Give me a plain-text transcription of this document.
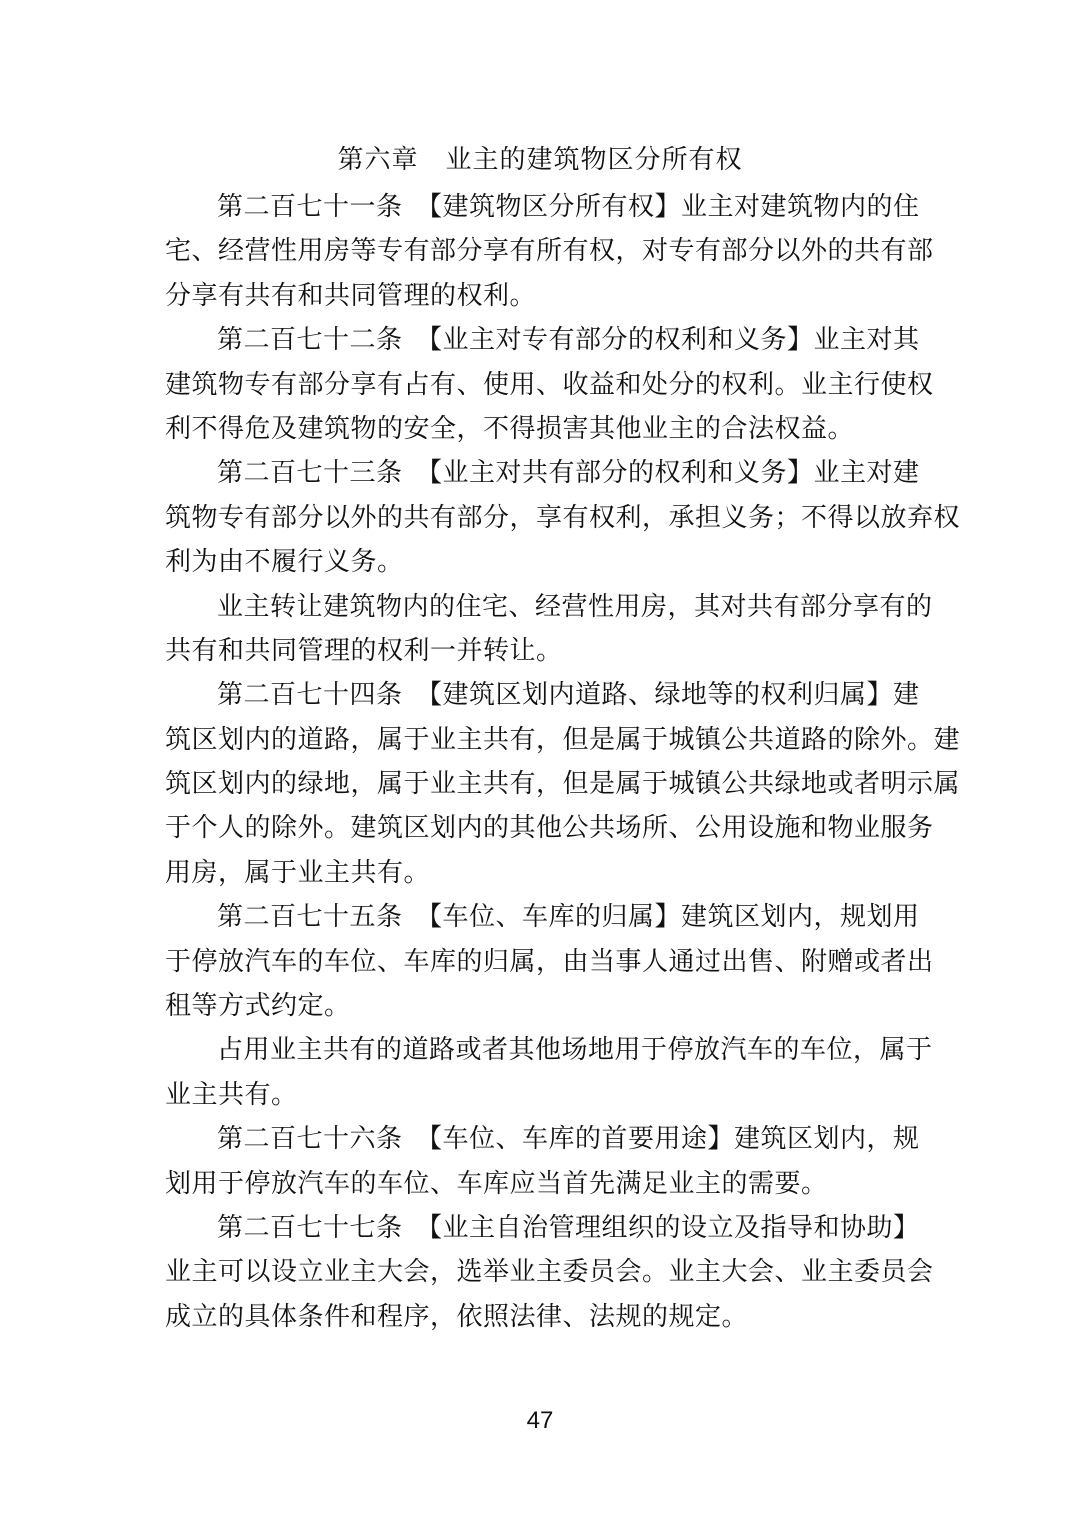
第六章　业主的建筑物区分所有权
第二百七十一条　【建筑物区分所有权】业主对建筑物内的住
宅、经营性用房等专有部分享有所有权，对专有部分以外的共有部
分享有共有和共同管理的权利。
第二百七十二条　【业主对专有部分的权利和义务】业主对其
建筑物专有部分享有占有、使用、收益和处分的权利。业主行使权
利不得危及建筑物的安全，不得损害其他业主的合法权益。
第二百七十三条　【业主对共有部分的权利和义务】业主对建
筑物专有部分以外的共有部分，享有权利，承担义务；不得以放弃权
利为由不履行义务。
业主转让建筑物内的住宅、经营性用房，其对共有部分享有的
共有和共同管理的权利一并转让。
第二百七十四条　【建筑区划内道路、绿地等的权利归属】建
筑区划内的道路，属于业主共有，但是属于城镇公共道路的除外。建
筑区划内的绿地，属于业主共有，但是属于城镇公共绿地或者明示属
于个人的除外。建筑区划内的其他公共场所、公用设施和物业服务
用房，属于业主共有。
第二百七十五条　【车位、车库的归属】建筑区划内，规划用
于停放汽车的车位、车库的归属，由当事人通过出售、附赠或者出
租等方式约定。
占用业主共有的道路或者其他场地用于停放汽车的车位，属于
业主共有。
第二百七十六条　【车位、车库的首要用途】建筑区划内，规
划用于停放汽车的车位、车库应当首先满足业主的需要。
第二百七十七条　【业主自治管理组织的设立及指导和协助】
业主可以设立业主大会，选举业主委员会。业主大会、业主委员会
成立的具体条件和程序，依照法律、法规的规定。
47
